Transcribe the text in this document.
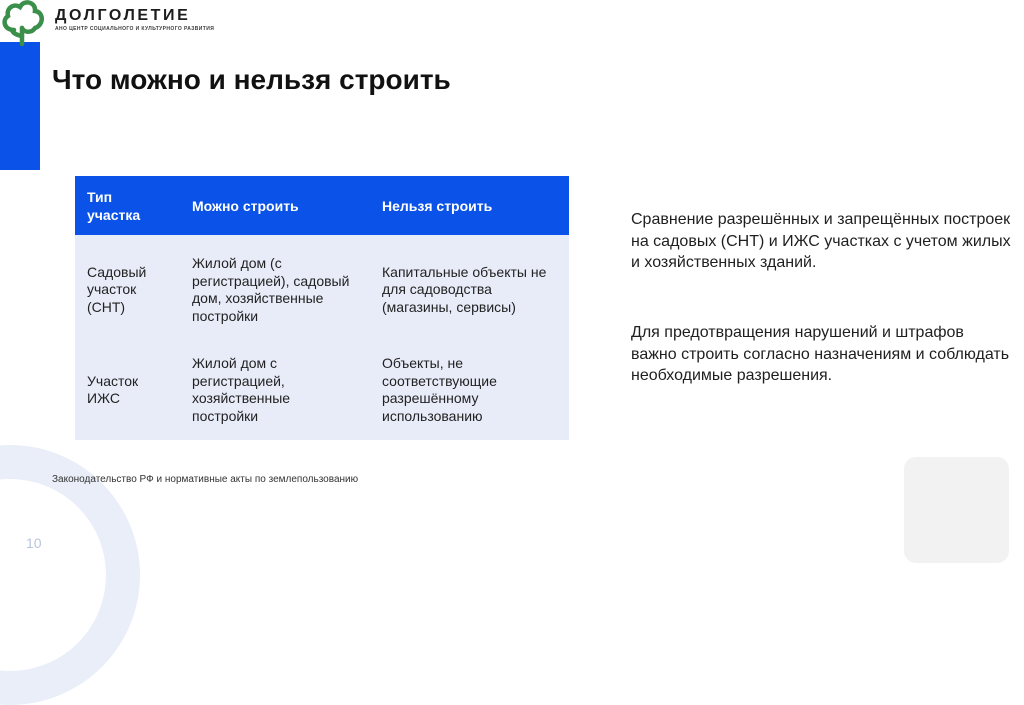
ДОЛГОЛЕТИЕ
АНО ЦЕНТР СОЦИАЛЬНОГО И КУЛЬТУРНОГО РАЗВИТИЯ
Что можно и нельзя строить
Тип участка	Можно строить	Нельзя строить
Садовый участок (СНТ)	Жилой дом (с регистрацией), садовый дом, хозяйственные постройки	Капитальные объекты не для садоводства (магазины, сервисы)
Участок ИЖС	Жилой дом с регистрацией, хозяйственные постройки	Объекты, не соответствующие разрешённому использованию

Сравнение разрешённых и запрещённых построек на садовых (СНТ) и ИЖС участках с учетом жилых и хозяйственных зданий.

Для предотвращения нарушений и штрафов важно строить согласно назначениям и соблюдать необходимые разрешения.

Законодательство РФ и нормативные акты по землепользованию
10
